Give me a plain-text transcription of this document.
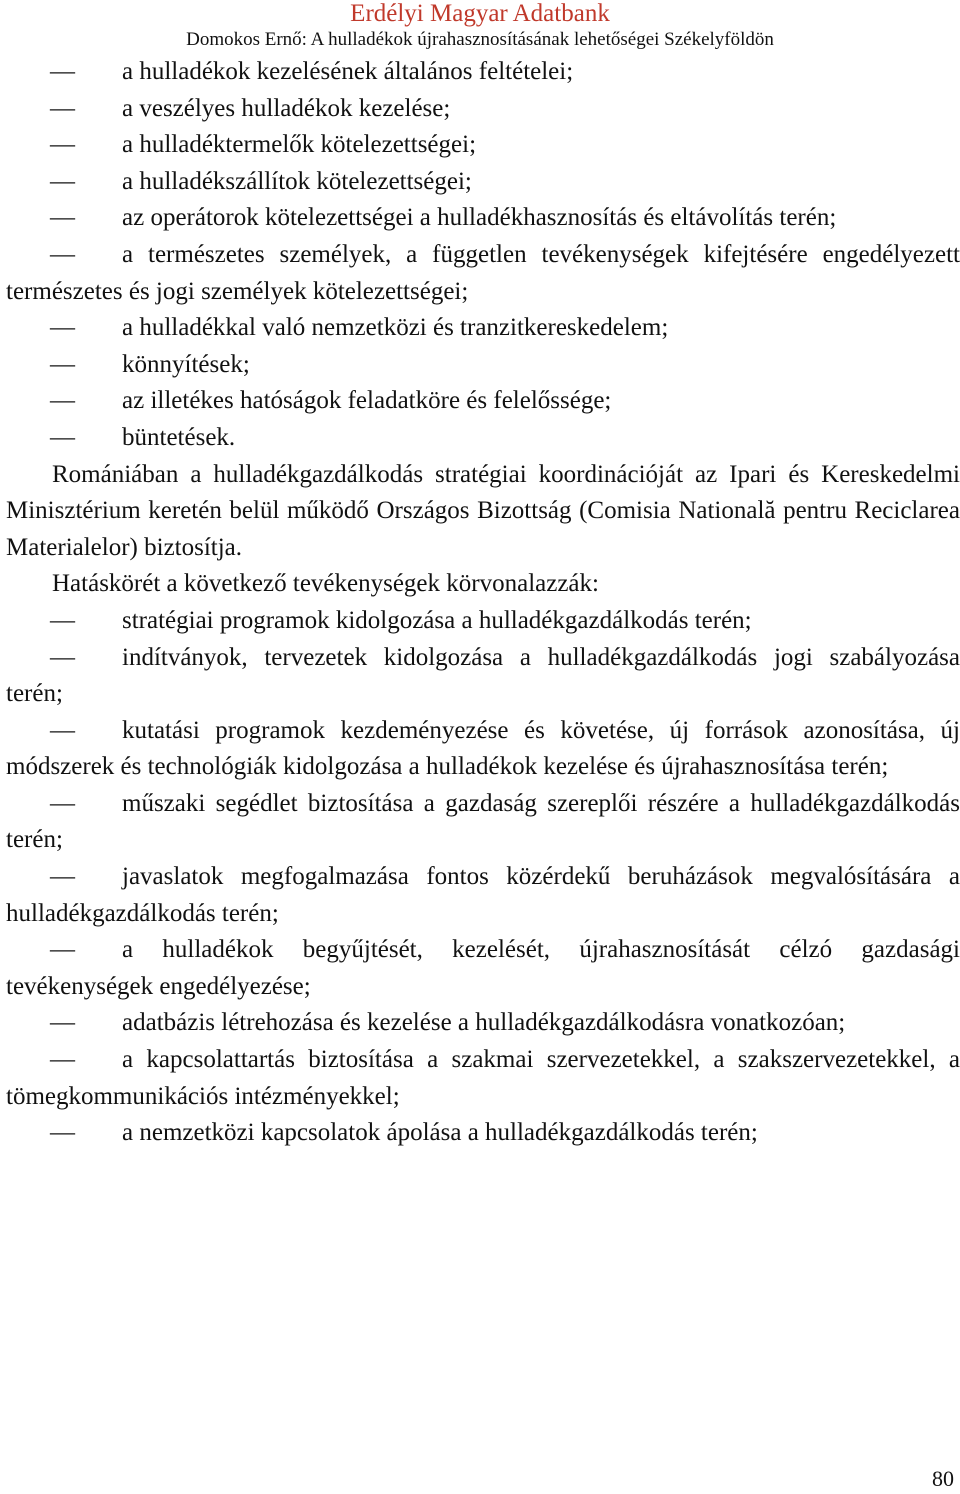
Erdélyi Magyar Adatbank
Domokos Ernő: A hulladékok újrahasznosításának lehetőségei Székelyföldön
— a hulladékok kezelésének általános feltételei;
— a veszélyes hulladékok kezelése;
— a hulladéktermelők kötelezettségei;
— a hulladékszállítok kötelezettségei;
— az operátorok kötelezettségei a hulladékhasznosítás és eltávolítás terén;
— a természetes személyek, a független tevékenységek kifejtésére engedélyezett természetes és jogi személyek kötelezettségei;
— a hulladékkal való nemzetközi és tranzitkereskedelem;
— könnyítések;
— az illetékes hatóságok feladatköre és felelőssége;
— büntetések.
Romániában a hulladékgazdálkodás stratégiai koordinációját az Ipari és Kereskedelmi Minisztérium keretén belül működő Országos Bizottság (Comisia Natională pentru Reciclarea Materialelor) biztosítja.
Hatáskörét a következő tevékenységek körvonalazzák:
— stratégiai programok kidolgozása a hulladékgazdálkodás terén;
— indítványok, tervezetek kidolgozása a hulladékgazdálkodás jogi szabályozása terén;
— kutatási programok kezdeményezése és követése, új források azonosítása, új módszerek és technológiák kidolgozása a hulladékok kezelése és újrahasznosítása terén;
— műszaki segédlet biztosítása a gazdaság szereplői részére a hulladékgazdálkodás terén;
— javaslatok megfogalmazása fontos közérdekű beruházások megvalósítására a hulladékgazdálkodás terén;
— a hulladékok begyűjtését, kezelését, újrahasznosítását célzó gazdasági tevékenységek engedélyezése;
— adatbázis létrehozása és kezelése a hulladékgazdálkodásra vonatkozóan;
— a kapcsolattartás biztosítása a szakmai szervezetekkel, a szakszervezetekkel, a tömegkommunikációs intézményekkel;
— a nemzetközi kapcsolatok ápolása a hulladékgazdálkodás terén;
80
